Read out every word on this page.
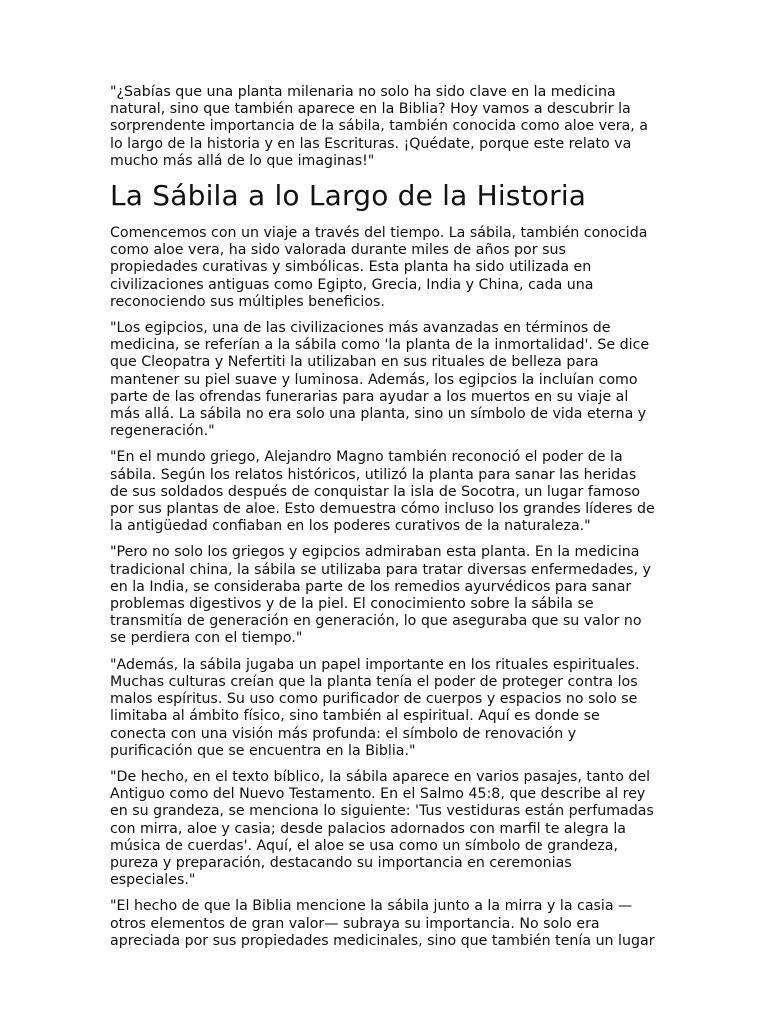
"¿Sabías que una planta milenaria no solo ha sido clave en la medicina natural, sino que también aparece en la Biblia? Hoy vamos a descubrir la sorprendente importancia de la sábila, también conocida como aloe vera, a lo largo de la historia y en las Escrituras. ¡Quédate, porque este relato va mucho más allá de lo que imaginas!"

La Sábila a lo Largo de la Historia

Comencemos con un viaje a través del tiempo. La sábila, también conocida como aloe vera, ha sido valorada durante miles de años por sus propiedades curativas y simbólicas. Esta planta ha sido utilizada en civilizaciones antiguas como Egipto, Grecia, India y China, cada una reconociendo sus múltiples beneficios.

"Los egipcios, una de las civilizaciones más avanzadas en términos de medicina, se referían a la sábila como 'la planta de la inmortalidad'. Se dice que Cleopatra y Nefertiti la utilizaban en sus rituales de belleza para mantener su piel suave y luminosa. Además, los egipcios la incluían como parte de las ofrendas funerarias para ayudar a los muertos en su viaje al más allá. La sábila no era solo una planta, sino un símbolo de vida eterna y regeneración."

"En el mundo griego, Alejandro Magno también reconoció el poder de la sábila. Según los relatos históricos, utilizó la planta para sanar las heridas de sus soldados después de conquistar la isla de Socotra, un lugar famoso por sus plantas de aloe. Esto demuestra cómo incluso los grandes líderes de la antigüedad confiaban en los poderes curativos de la naturaleza."

"Pero no solo los griegos y egipcios admiraban esta planta. En la medicina tradicional china, la sábila se utilizaba para tratar diversas enfermedades, y en la India, se consideraba parte de los remedios ayurvédicos para sanar problemas digestivos y de la piel. El conocimiento sobre la sábila se transmitía de generación en generación, lo que aseguraba que su valor no se perdiera con el tiempo."

"Además, la sábila jugaba un papel importante en los rituales espirituales. Muchas culturas creían que la planta tenía el poder de proteger contra los malos espíritus. Su uso como purificador de cuerpos y espacios no solo se limitaba al ámbito físico, sino también al espiritual. Aquí es donde se conecta con una visión más profunda: el símbolo de renovación y purificación que se encuentra en la Biblia."

"De hecho, en el texto bíblico, la sábila aparece en varios pasajes, tanto del Antiguo como del Nuevo Testamento. En el Salmo 45:8, que describe al rey en su grandeza, se menciona lo siguiente: 'Tus vestiduras están perfumadas con mirra, aloe y casia; desde palacios adornados con marfil te alegra la música de cuerdas'. Aquí, el aloe se usa como un símbolo de grandeza, pureza y preparación, destacando su importancia en ceremonias especiales."

"El hecho de que la Biblia mencione la sábila junto a la mirra y la casia — otros elementos de gran valor— subraya su importancia. No solo era apreciada por sus propiedades medicinales, sino que también tenía un lugar
